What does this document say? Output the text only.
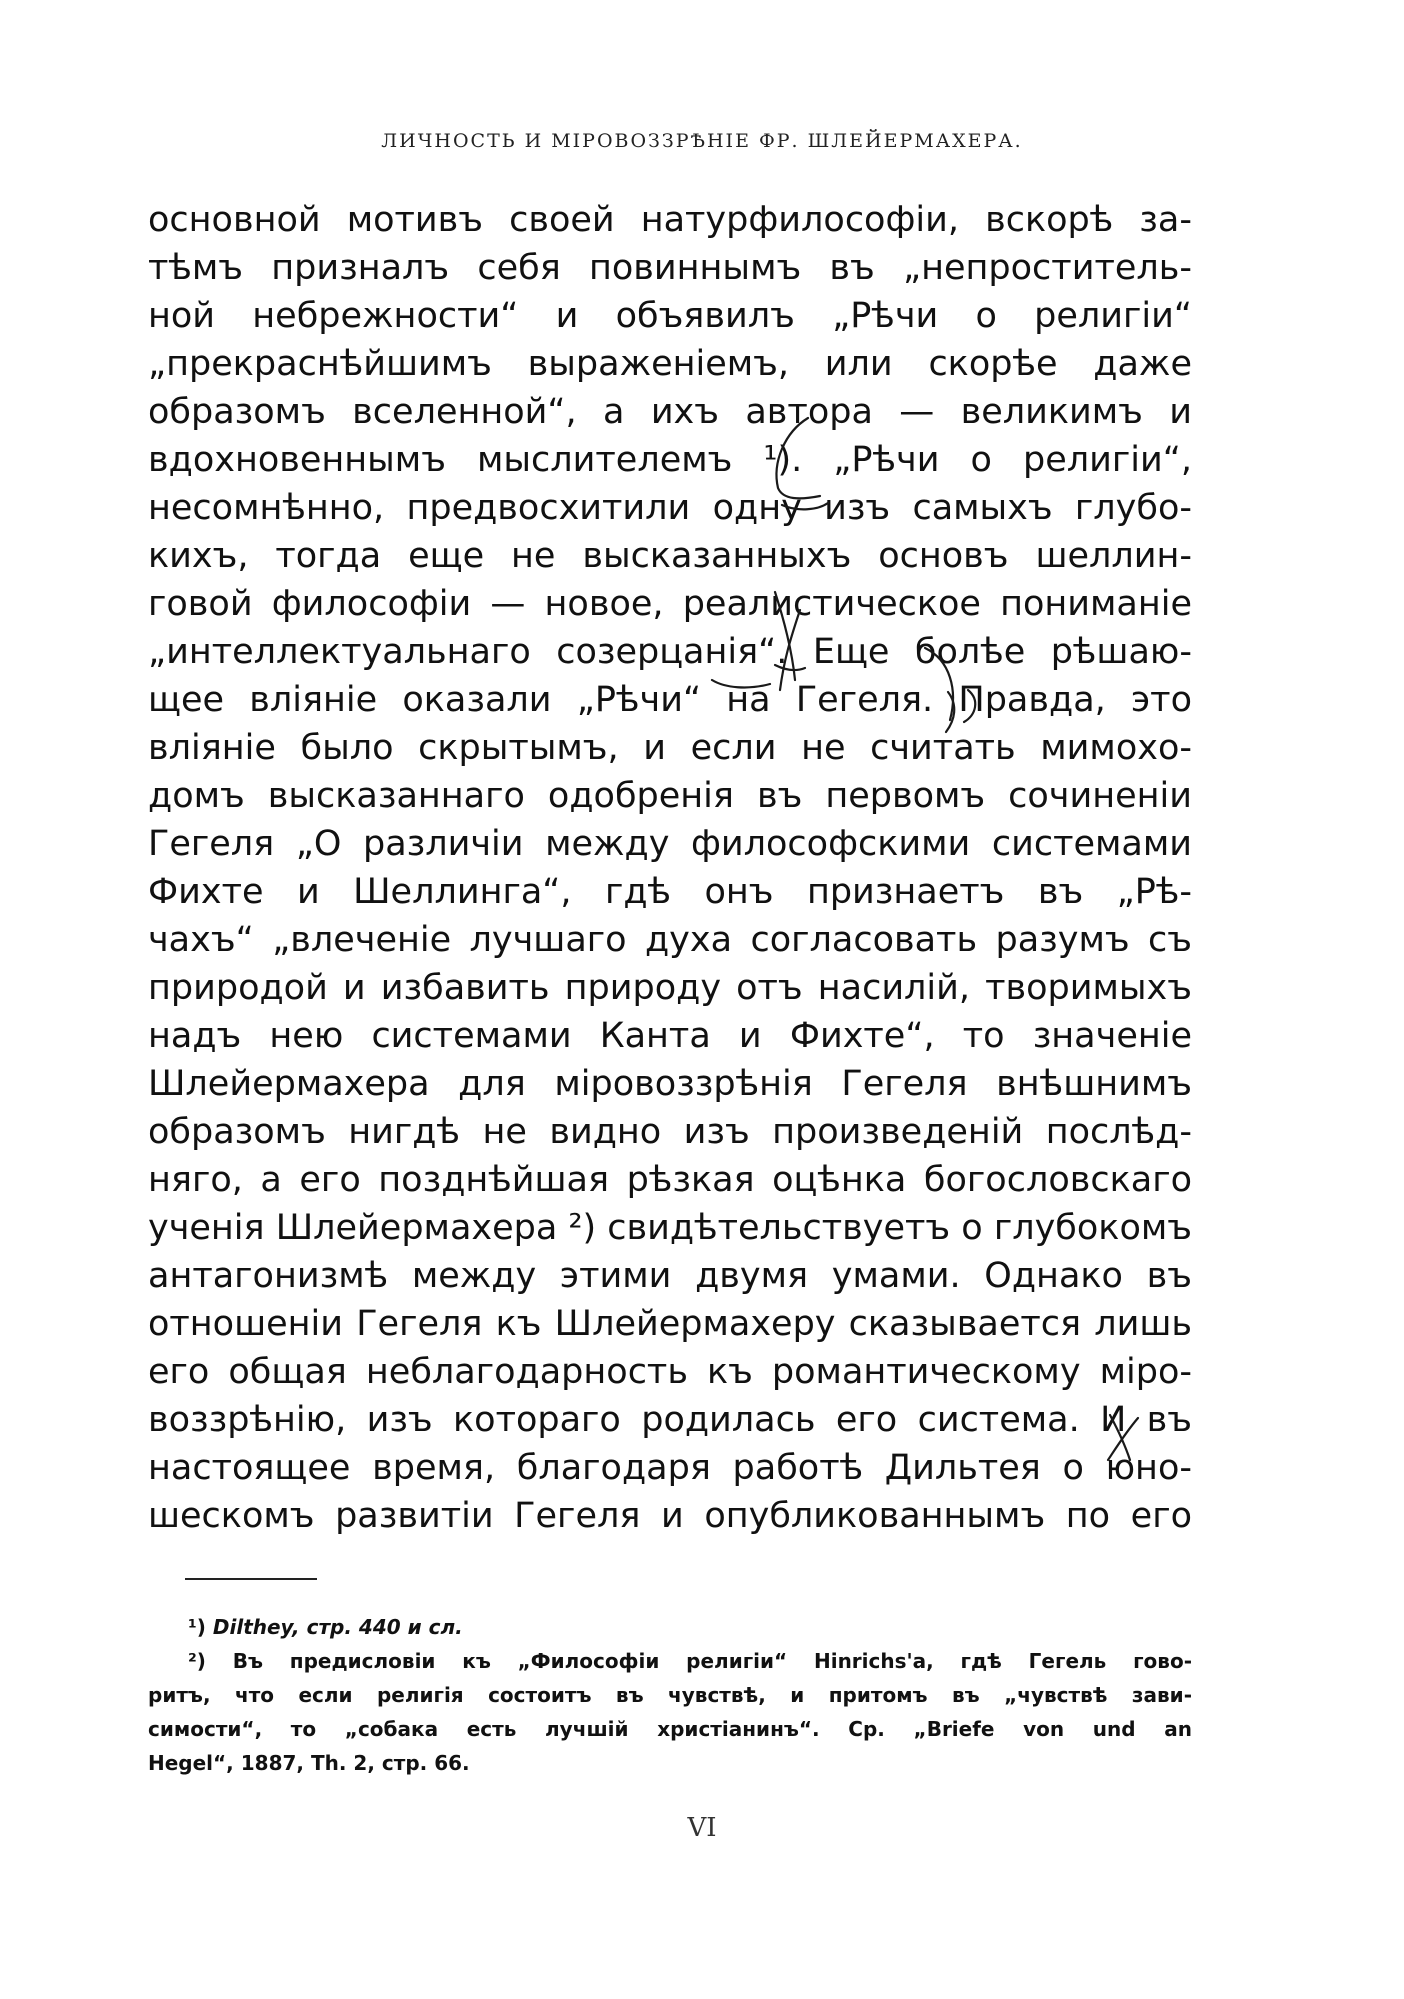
ЛИЧНОСТЬ И МІРОВОЗЗРѢНІЕ ФР. ШЛЕЙЕРМАХЕРА.
основной мотивъ своей натурфилософіи, вскорѣ за-
тѣмъ призналъ себя повиннымъ въ „непроститель-
ной небрежности“ и объявилъ „Рѣчи о религіи“
„прекраснѣйшимъ выраженіемъ, или скорѣе даже
образомъ вселенной“, а ихъ автора — великимъ и
вдохновеннымъ мыслителемъ ¹). „Рѣчи о религіи“,
несомнѣнно, предвосхитили одну изъ самыхъ глубо-
кихъ, тогда еще не высказанныхъ основъ шеллин-
говой философіи — новое, реалистическое пониманіе
„интеллектуальнаго созерцанія“. Еще болѣе рѣшаю-
щее вліяніе оказали „Рѣчи“ на Гегеля. Правда, это
вліяніе было скрытымъ, и если не считать мимохо-
домъ высказаннаго одобренія въ первомъ сочиненіи
Гегеля „О различіи между философскими системами
Фихте и Шеллинга“, гдѣ онъ признаетъ въ „Рѣ-
чахъ“ „влеченіе лучшаго духа согласовать разумъ съ
природой и избавить природу отъ насилій, творимыхъ
надъ нею системами Канта и Фихте“, то значеніе
Шлейермахера для міровоззрѣнія Гегеля внѣшнимъ
образомъ нигдѣ не видно изъ произведеній послѣд-
няго, а его позднѣйшая рѣзкая оцѣнка богословскаго
ученія Шлейермахера ²) свидѣтельствуетъ о глубокомъ
антагонизмѣ между этими двумя умами. Однако въ
отношеніи Гегеля къ Шлейермахеру сказывается лишь
его общая неблагодарность къ романтическому міро-
воззрѣнію, изъ котораго родилась его система. И въ
настоящее время, благодаря работѣ Дильтея о юно-
шескомъ развитіи Гегеля и опубликованнымъ по его
¹) Dilthey, стр. 440 и сл.
²) Въ предисловіи къ „Философіи религіи“ Hinrichs'а, гдѣ Гегель гово-
ритъ, что если религія состоитъ въ чувствѣ, и притомъ въ „чувствѣ зави-
симости“, то „собака есть лучшій христіанинъ“. Ср. „Briefe von und an
Hegel“, 1887, Th. 2, стр. 66.
VI
